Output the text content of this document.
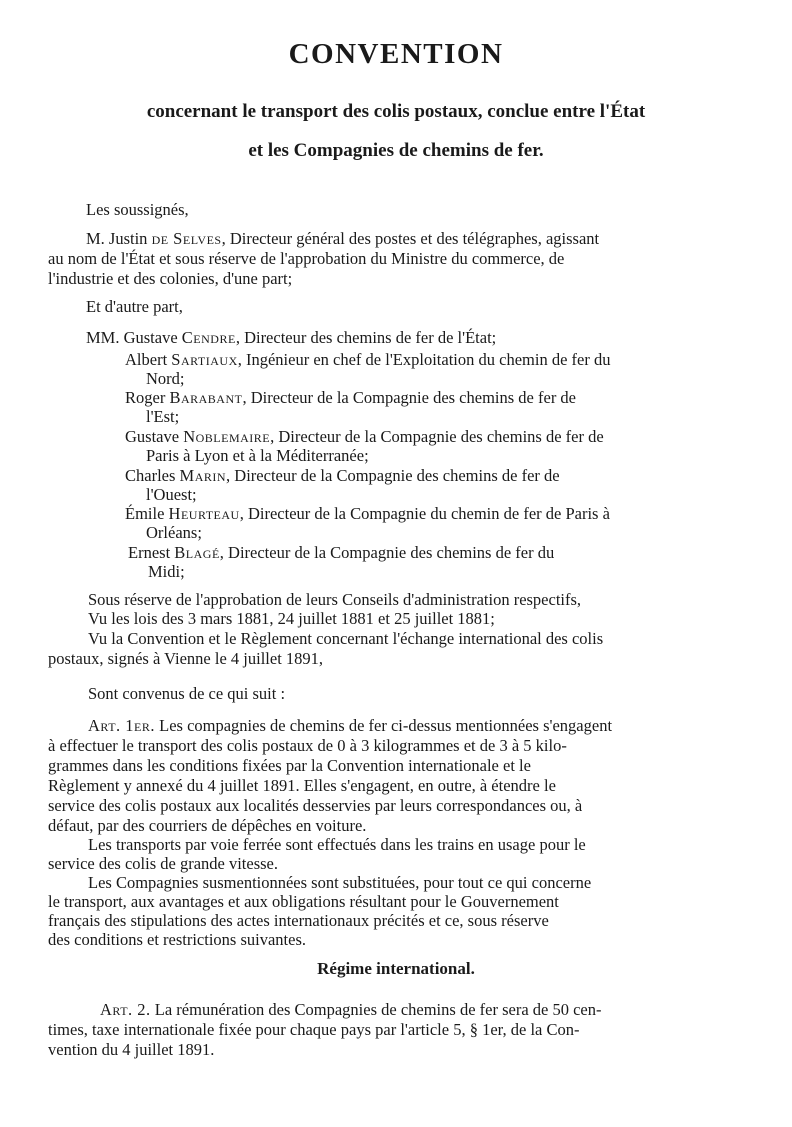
CONVENTION
concernant le transport des colis postaux, conclue entre l'État
et les Compagnies de chemins de fer.
Les soussignés,
M. Justin de Selves, Directeur général des postes et des télégraphes, agissant
au nom de l'État et sous réserve de l'approbation du Ministre du commerce, de
l'industrie et des colonies, d'une part;
Et d'autre part,
MM. Gustave Cendre, Directeur des chemins de fer de l'État;
Albert Sartiaux, Ingénieur en chef de l'Exploitation du chemin de fer du
Nord;
Roger Barabant, Directeur de la Compagnie des chemins de fer de
l'Est;
Gustave Noblemaire, Directeur de la Compagnie des chemins de fer de
Paris à Lyon et à la Méditerranée;
Charles Marin, Directeur de la Compagnie des chemins de fer de
l'Ouest;
Émile Heurteau, Directeur de la Compagnie du chemin de fer de Paris à
Orléans;
Ernest Blagé, Directeur de la Compagnie des chemins de fer du
Midi;
Sous réserve de l'approbation de leurs Conseils d'administration respectifs,
Vu les lois des 3 mars 1881, 24 juillet 1881 et 25 juillet 1881;
Vu la Convention et le Règlement concernant l'échange international des colis
postaux, signés à Vienne le 4 juillet 1891,
Sont convenus de ce qui suit :
Art. 1er. Les compagnies de chemins de fer ci-dessus mentionnées s'engagent
à effectuer le transport des colis postaux de 0 à 3 kilogrammes et de 3 à 5 kilo-
grammes dans les conditions fixées par la Convention internationale et le
Règlement y annexé du 4 juillet 1891. Elles s'engagent, en outre, à étendre le
service des colis postaux aux localités desservies par leurs correspondances ou, à
défaut, par des courriers de dépêches en voiture.
Les transports par voie ferrée sont effectués dans les trains en usage pour le
service des colis de grande vitesse.
Les Compagnies susmentionnées sont substituées, pour tout ce qui concerne
le transport, aux avantages et aux obligations résultant pour le Gouvernement
français des stipulations des actes internationaux précités et ce, sous réserve
des conditions et restrictions suivantes.
Régime international.
Art. 2. La rémunération des Compagnies de chemins de fer sera de 50 cen-
times, taxe internationale fixée pour chaque pays par l'article 5, § 1er, de la Con-
vention du 4 juillet 1891.
